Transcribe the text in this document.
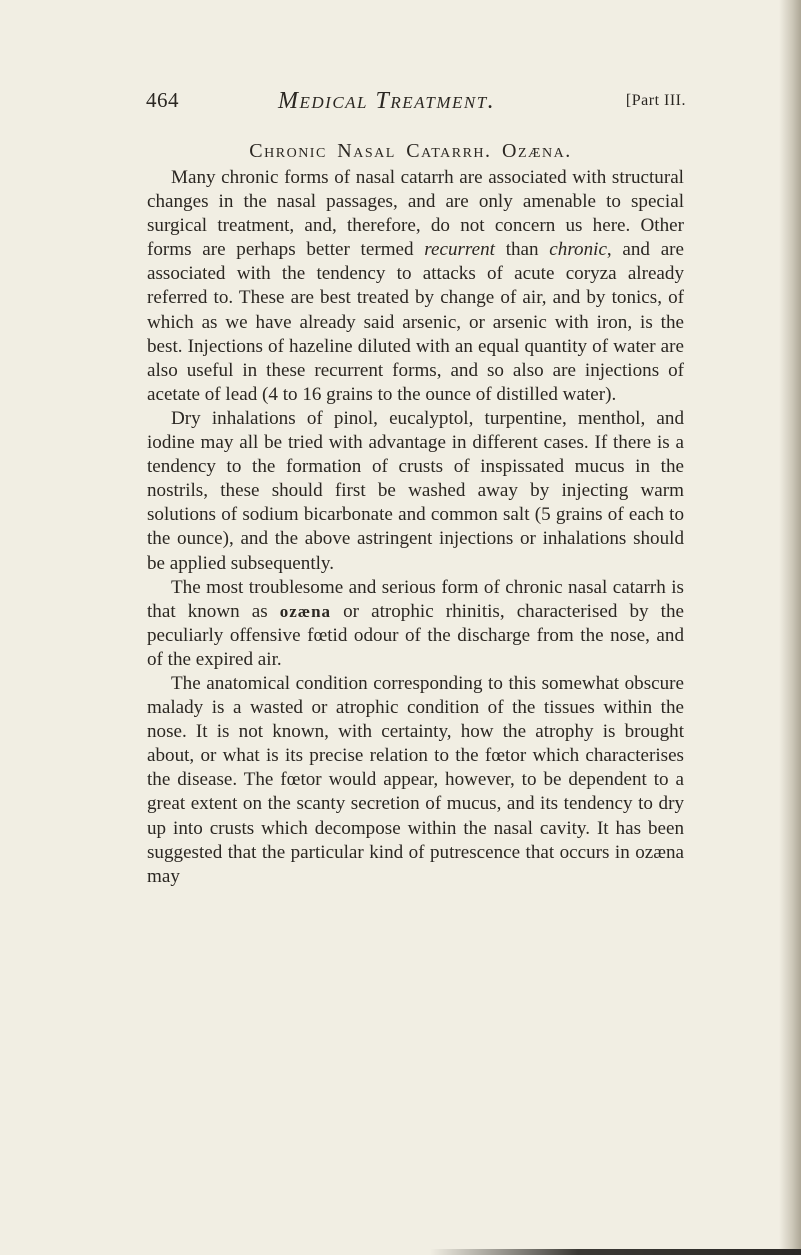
464	Medical Treatment.	[Part III.
Chronic Nasal Catarrh. Ozæna.

Many chronic forms of nasal catarrh are associated with structural changes in the nasal passages, and are only amenable to special surgical treatment, and, therefore, do not concern us here. Other forms are perhaps better termed recurrent than chronic, and are associated with the tendency to attacks of acute coryza already referred to. These are best treated by change of air, and by tonics, of which as we have already said arsenic, or arsenic with iron, is the best. Injections of hazeline diluted with an equal quantity of water are also useful in these recurrent forms, and so also are injections of acetate of lead (4 to 16 grains to the ounce of distilled water).

Dry inhalations of pinol, eucalyptol, turpentine, menthol, and iodine may all be tried with advantage in different cases. If there is a tendency to the formation of crusts of inspissated mucus in the nostrils, these should first be washed away by injecting warm solutions of sodium bicarbonate and common salt (5 grains of each to the ounce), and the above astringent injections or inhalations should be applied subsequently.

The most troublesome and serious form of chronic nasal catarrh is that known as ozæna or atrophic rhinitis, characterised by the peculiarly offensive fœtid odour of the discharge from the nose, and of the expired air.

The anatomical condition corresponding to this somewhat obscure malady is a wasted or atrophic condition of the tissues within the nose. It is not known, with certainty, how the atrophy is brought about, or what is its precise relation to the fœtor which characterises the disease. The fœtor would appear, however, to be dependent to a great extent on the scanty secretion of mucus, and its tendency to dry up into crusts which decompose within the nasal cavity. It has been suggested that the particular kind of putrescence that occurs in ozæna may
